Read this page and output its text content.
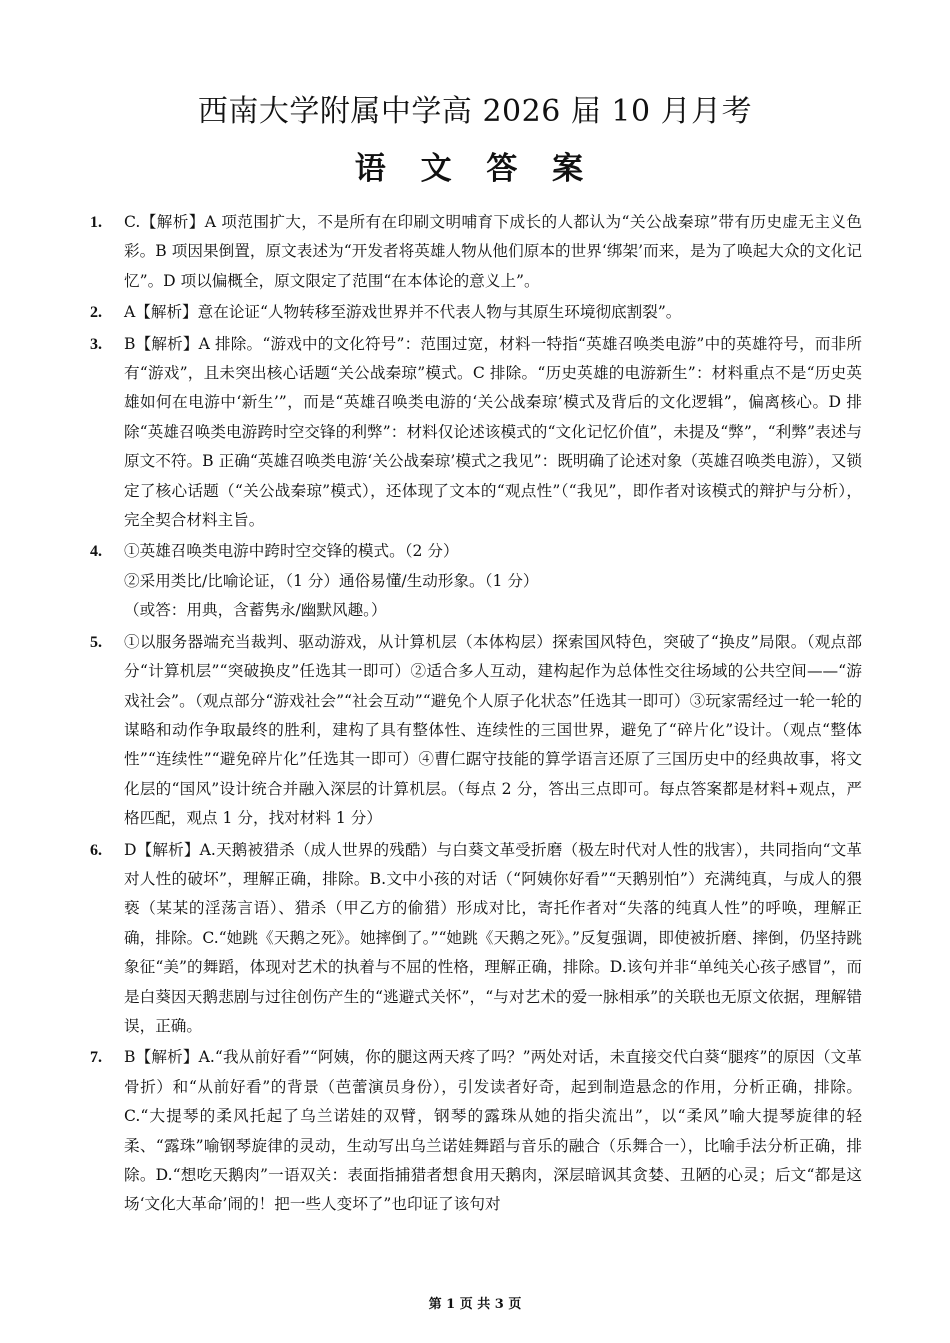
西南大学附属中学高 2026 届 10 月月考
语 文 答 案
1. C.【解析】A 项范围扩大，不是所有在印刷文明哺育下成长的人都认为“关公战秦琼”带有历史虚无主义色彩。B 项因果倒置，原文表述为“开发者将英雄人物从他们原本的世界‘绑架’而来，是为了唤起大众的文化记忆”。D 项以偏概全，原文限定了范围“在本体论的意义上”。
2. A【解析】意在论证“人物转移至游戏世界并不代表人物与其原生环境彻底割裂”。
3. B【解析】A 排除。“游戏中的文化符号”：范围过宽，材料一特指“英雄召唤类电游”中的英雄符号，而非所有“游戏”，且未突出核心话题“关公战秦琼”模式。C 排除。“历史英雄的电游新生”：材料重点不是“历史英雄如何在电游中‘新生’”，而是“英雄召唤类电游的‘关公战秦琼’模式及背后的文化逻辑”，偏离核心。D 排除“英雄召唤类电游跨时空交锋的利弊”：材料仅论述该模式的“文化记忆价值”，未提及“弊”，“利弊”表述与原文不符。B 正确“英雄召唤类电游‘关公战秦琼’模式之我见”：既明确了论述对象（英雄召唤类电游），又锁定了核心话题（“关公战秦琼”模式），还体现了文本的“观点性”（“我见”，即作者对该模式的辩护与分析），完全契合材料主旨。
4. ①英雄召唤类电游中跨时空交锋的模式。（2 分）
②采用类比/比喻论证，（1 分）通俗易懂/生动形象。（1 分）
（或答：用典，含蓄隽永/幽默风趣。）
5. ①以服务器端充当裁判、驱动游戏，从计算机层（本体构层）探索国风特色，突破了“换皮”局限。（观点部分“计算机层”“突破换皮”任选其一即可）②适合多人互动，建构起作为总体性交往场域的公共空间——“游戏社会”。（观点部分“游戏社会”“社会互动”“避免个人原子化状态”任选其一即可）③玩家需经过一轮一轮的谋略和动作争取最终的胜利，建构了具有整体性、连续性的三国世界，避免了“碎片化”设计。（观点“整体性”“连续性”“避免碎片化”任选其一即可）④曹仁踞守技能的算学语言还原了三国历史中的经典故事，将文化层的“国风”设计统合并融入深层的计算机层。（每点 2 分，答出三点即可。每点答案都是材料+观点，严格匹配，观点 1 分，找对材料 1 分）
6. D【解析】A.天鹅被猎杀（成人世界的残酷）与白葵文革受折磨（极左时代对人性的戕害），共同指向“文革对人性的破坏”，理解正确，排除。B.文中小孩的对话（“阿姨你好看”“天鹅别怕”）充满纯真，与成人的猥亵（某某的淫荡言语）、猎杀（甲乙方的偷猎）形成对比，寄托作者对“失落的纯真人性”的呼唤，理解正确，排除。C.“她跳《天鹅之死》。她摔倒了。”“她跳《天鹅之死》。”反复强调，即使被折磨、摔倒，仍坚持跳象征“美”的舞蹈，体现对艺术的执着与不屈的性格，理解正确，排除。D.该句并非“单纯关心孩子感冒”，而是白葵因天鹅悲剧与过往创伤产生的“逃避式关怀”，“与对艺术的爱一脉相承”的关联也无原文依据，理解错误，正确。
7. B【解析】A.“我从前好看”“阿姨，你的腿这两天疼了吗？”两处对话，未直接交代白葵“腿疼”的原因（文革骨折）和“从前好看”的背景（芭蕾演员身份），引发读者好奇，起到制造悬念的作用，分析正确，排除。C.“大提琴的柔风托起了乌兰诺娃的双臂，钢琴的露珠从她的指尖流出”，以“柔风”喻大提琴旋律的轻柔、“露珠”喻钢琴旋律的灵动，生动写出乌兰诺娃舞蹈与音乐的融合（乐舞合一），比喻手法分析正确，排除。D.“想吃天鹅肉”一语双关：表面指捕猎者想食用天鹅肉，深层暗讽其贪婪、丑陋的心灵；后文“都是这场‘文化大革命’闹的！把一些人变坏了”也印证了该句对
第 1 页 共 3 页
